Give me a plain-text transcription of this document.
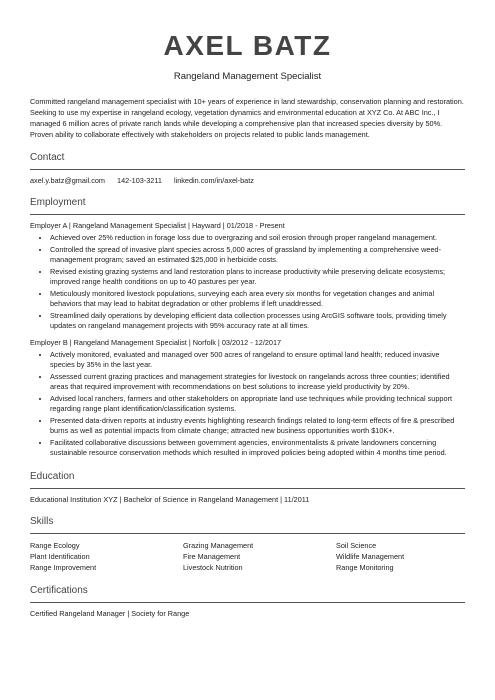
AXEL BATZ
Rangeland Management Specialist
Committed rangeland management specialist with 10+ years of experience in land stewardship, conservation planning and restoration. Seeking to use my expertise in rangeland ecology, vegetation dynamics and environmental education at XYZ Co. At ABC Inc., I managed 6 million acres of private ranch lands while developing a comprehensive plan that increased species diversity by 50%. Proven ability to collaborate effectively with stakeholders on projects related to public lands management.
Contact
axel.y.batz@gmail.com 142-103-3211 linkedin.com/in/axel-batz
Employment
Employer A | Rangeland Management Specialist | Hayward | 01/2018 - Present
• Achieved over 25% reduction in forage loss due to overgrazing and soil erosion through proper rangeland management.
• Controlled the spread of invasive plant species across 5,000 acres of grassland by implementing a comprehensive weed-management program; saved an estimated $25,000 in herbicide costs.
• Revised existing grazing systems and land restoration plans to increase productivity while preserving delicate ecosystems; improved range health conditions on up to 40 pastures per year.
• Meticulously monitored livestock populations, surveying each area every six months for vegetation changes and animal behaviors that may lead to habitat degradation or other problems if left unaddressed.
• Streamlined daily operations by developing efficient data collection processes using ArcGIS software tools, providing timely updates on rangeland management projects with 95% accuracy rate at all times.
Employer B | Rangeland Management Specialist | Norfolk | 03/2012 - 12/2017
• Actively monitored, evaluated and managed over 500 acres of rangeland to ensure optimal land health; reduced invasive species by 35% in the last year.
• Assessed current grazing practices and management strategies for livestock on rangelands across three counties; identified areas that required improvement with recommendations on best solutions to increase yield productivity by 20%.
• Advised local ranchers, farmers and other stakeholders on appropriate land use techniques while providing technical support regarding range plant identification/classification systems.
• Presented data-driven reports at industry events highlighting research findings related to long-term effects of fire & prescribed burns as well as potential impacts from climate change; attracted new business opportunities worth $10K+.
• Facilitated collaborative discussions between government agencies, environmentalists & private landowners concerning sustainable resource conservation methods which resulted in improved policies being adopted within 4 months time period.
Education
Educational Institution XYZ | Bachelor of Science in Rangeland Management | 11/2011
Skills
Range Ecology	Grazing Management	Soil Science
Plant Identification	Fire Management	Wildlife Management
Range Improvement	Livestock Nutrition	Range Monitoring
Certifications
Certified Rangeland Manager | Society for Range
